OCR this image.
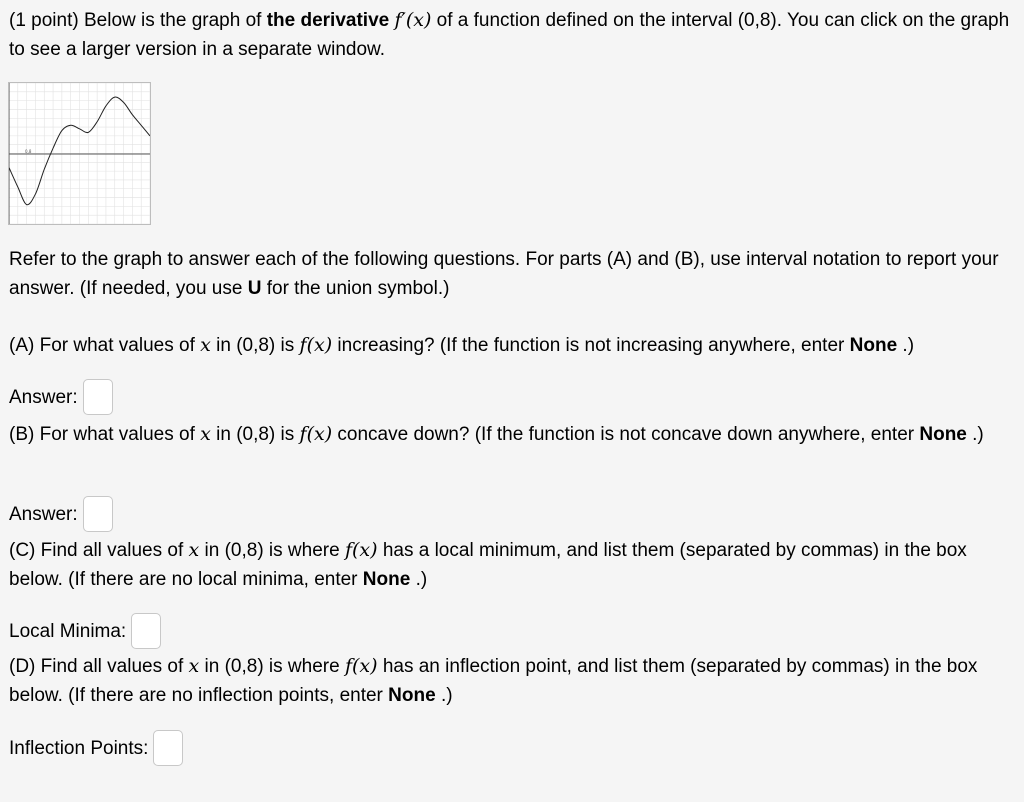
(1 point) Below is the graph of the derivative f′(x) of a function defined on the interval (0,8). You can click on the graph to see a larger version in a separate window.

0,8

Refer to the graph to answer each of the following questions. For parts (A) and (B), use interval notation to report your answer. (If needed, you use U for the union symbol.)

(A) For what values of x in (0,8) is f(x) increasing? (If the function is not increasing anywhere, enter None .)

Answer:

(B) For what values of x in (0,8) is f(x) concave down? (If the function is not concave down anywhere, enter None .)

Answer:

(C) Find all values of x in (0,8) is where f(x) has a local minimum, and list them (separated by commas) in the box below. (If there are no local minima, enter None .)

Local Minima:

(D) Find all values of x in (0,8) is where f(x) has an inflection point, and list them (separated by commas) in the box below. (If there are no inflection points, enter None .)

Inflection Points:
